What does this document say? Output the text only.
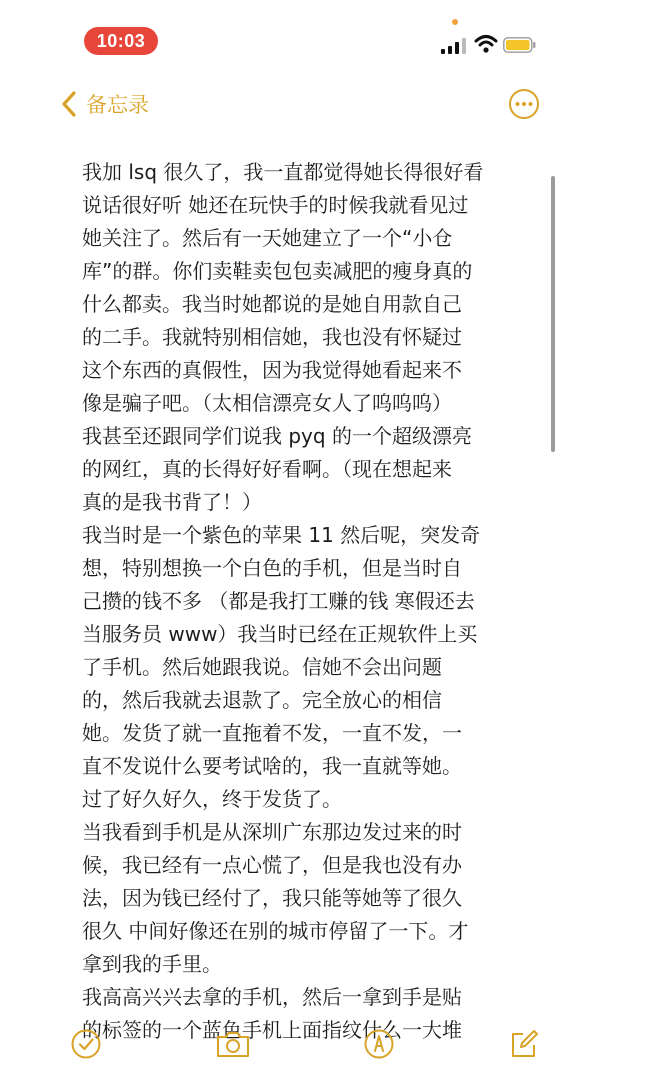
10:03
备忘录
我加 lsq 很久了，我一直都觉得她长得很好看
说话很好听 她还在玩快手的时候我就看见过
她关注了。然后有一天她建立了一个“小仓
库”的群。你们卖鞋卖包包卖减肥的瘦身真的
什么都卖。我当时她都说的是她自用款自己
的二手。我就特别相信她，我也没有怀疑过
这个东西的真假性，因为我觉得她看起来不
像是骗子吧。（太相信漂亮女人了呜呜呜）
我甚至还跟同学们说我 pyq 的一个超级漂亮
的网红，真的长得好好看啊。（现在想起来
真的是我书背了！）
我当时是一个紫色的苹果 11 然后呢，突发奇
想，特别想换一个白色的手机，但是当时自
己攒的钱不多 （都是我打工赚的钱 寒假还去
当服务员 www）我当时已经在正规软件上买
了手机。然后她跟我说。信她不会出问题
的，然后我就去退款了。完全放心的相信
她。发货了就一直拖着不发，一直不发，一
直不发说什么要考试啥的，我一直就等她。
过了好久好久，终于发货了。
当我看到手机是从深圳广东那边发过来的时
候，我已经有一点心慌了，但是我也没有办
法，因为钱已经付了，我只能等她等了很久
很久 中间好像还在别的城市停留了一下。才
拿到我的手里。
我高高兴兴去拿的手机，然后一拿到手是贴
的标签的一个蓝色手机上面指纹什么一大堆
